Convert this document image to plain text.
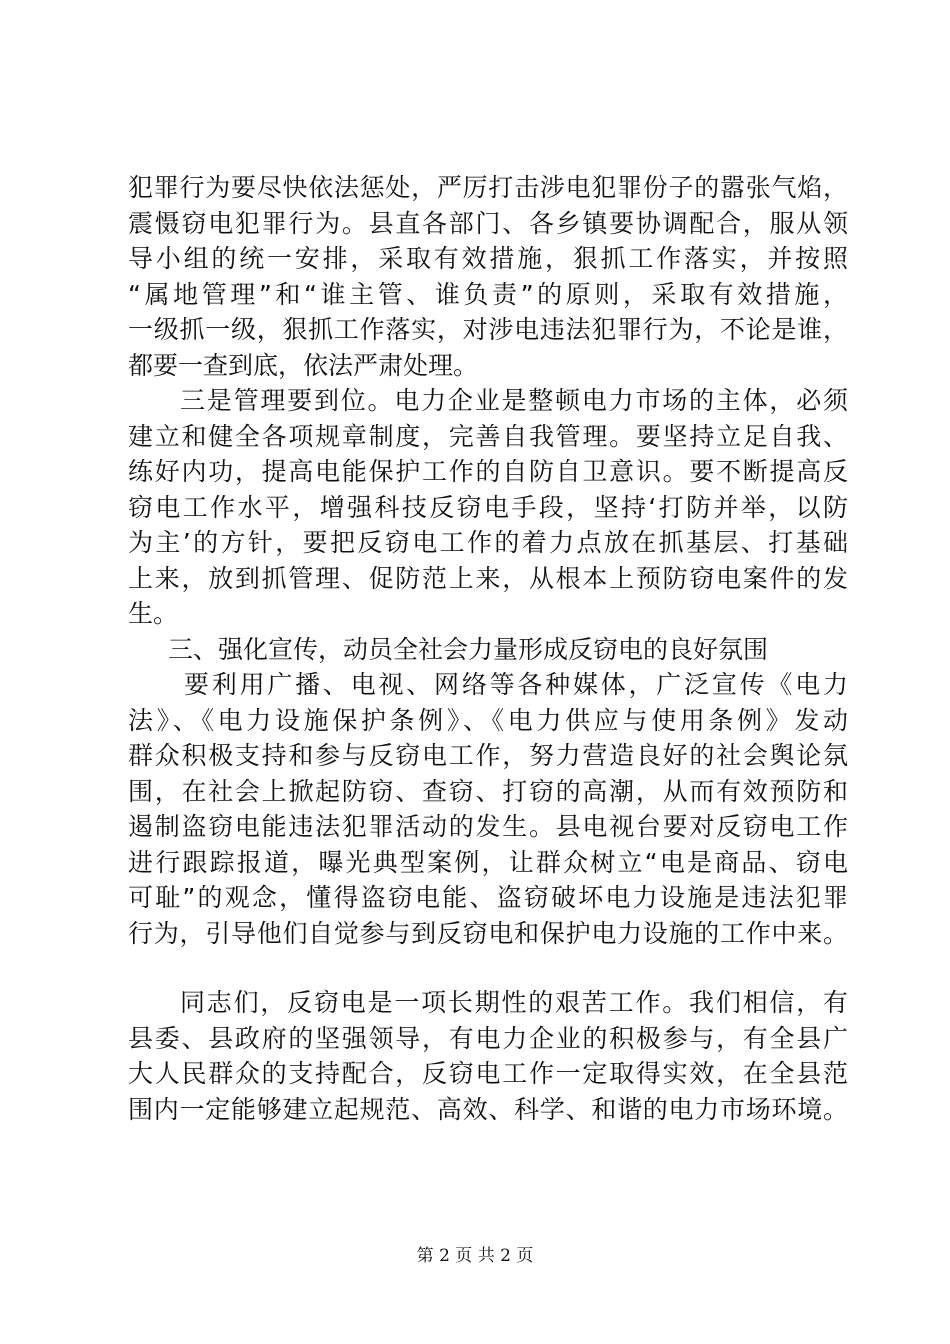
犯罪行为要尽快依法惩处，严厉打击涉电犯罪份子的嚣张气焰，
震慑窃电犯罪行为。县直各部门、各乡镇要协调配合，服从领
导小组的统一安排，采取有效措施，狠抓工作落实，并按照
“属地管理”和“谁主管、谁负责”的原则，采取有效措施，
一级抓一级，狠抓工作落实，对涉电违法犯罪行为，不论是谁，
都要一查到底，依法严肃处理。
三是管理要到位。电力企业是整顿电力市场的主体，必须
建立和健全各项规章制度，完善自我管理。要坚持立足自我、
练好内功，提高电能保护工作的自防自卫意识。要不断提高反
窃电工作水平，增强科技反窃电手段，坚持‘打防并举，以防
为主’的方针，要把反窃电工作的着力点放在抓基层、打基础
上来，放到抓管理、促防范上来，从根本上预防窃电案件的发
生。
三、强化宣传，动员全社会力量形成反窃电的良好氛围
要利用广播、电视、网络等各种媒体，广泛宣传《电力
法》、《电力设施保护条例》、《电力供应与使用条例》发动
群众积极支持和参与反窃电工作，努力营造良好的社会舆论氛
围，在社会上掀起防窃、查窃、打窃的高潮，从而有效预防和
遏制盗窃电能违法犯罪活动的发生。县电视台要对反窃电工作
进行跟踪报道，曝光典型案例，让群众树立“电是商品、窃电
可耻”的观念，懂得盗窃电能、盗窃破坏电力设施是违法犯罪
行为，引导他们自觉参与到反窃电和保护电力设施的工作中来。
同志们，反窃电是一项长期性的艰苦工作。我们相信，有
县委、县政府的坚强领导，有电力企业的积极参与，有全县广
大人民群众的支持配合，反窃电工作一定取得实效，在全县范
围内一定能够建立起规范、高效、科学、和谐的电力市场环境。
第 2 页 共 2 页
